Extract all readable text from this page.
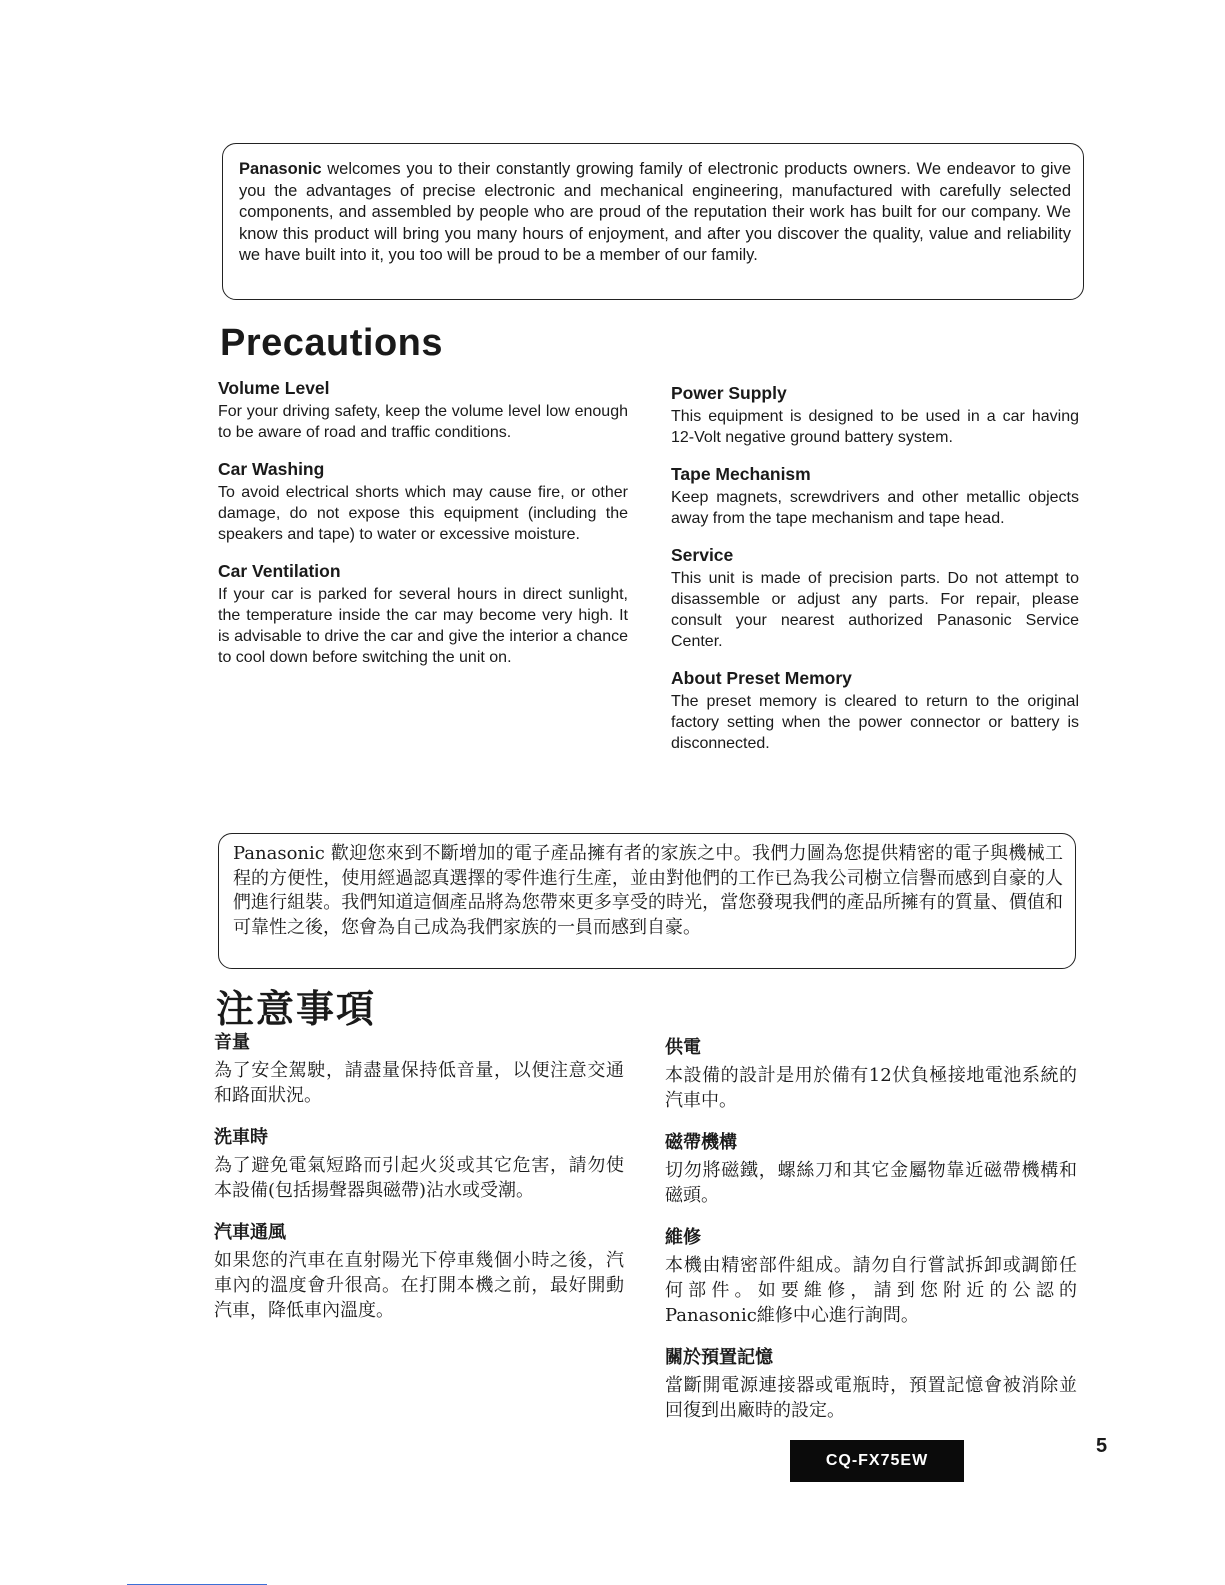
Panasonic welcomes you to their constantly growing family of electronic products owners. We endeavor to give you the advantages of precise electronic and mechanical engineering, manufactured with carefully selected components, and assembled by people who are proud of the reputation their work has built for our company. We know this product will bring you many hours of enjoyment, and after you discover the quality, value and reliability we have built into it, you too will be proud to be a member of our family.
Precautions
Volume Level

For your driving safety, keep the volume level low enough to be aware of road and traffic conditions.

Car Washing

To avoid electrical shorts which may cause fire, or other damage, do not expose this equipment (including the speakers and tape) to water or excessive moisture.

Car Ventilation

If your car is parked for several hours in direct sunlight, the temperature inside the car may become very high. It is advisable to drive the car and give the interior a chance to cool down before switching the unit on.

Power Supply

This equipment is designed to be used in a car having 12-Volt negative ground battery system.

Tape Mechanism

Keep magnets, screwdrivers and other metallic objects away from the tape mechanism and tape head.

Service

This unit is made of precision parts. Do not attempt to disassemble or adjust any parts. For repair, please consult your nearest authorized Panasonic Service Center.

About Preset Memory

The preset memory is cleared to return to the original factory setting when the power connector or battery is disconnected.

Panasonic 歡迎您來到不斷增加的電子產品擁有者的家族之中。我們力圖為您提供精密的電子與機械工程的方便性，使用經過認真選擇的零件進行生產，並由對他們的工作已為我公司樹立信譽而感到自豪的人們進行組裝。我們知道這個產品將為您帶來更多享受的時光，當您發現我們的產品所擁有的質量、價值和可靠性之後，您會為自己成為我們家族的一員而感到自豪。
注意事項
音量

為了安全駕駛，請盡量保持低音量，以便注意交通和路面狀況。

洗車時

為了避免電氣短路而引起火災或其它危害，請勿使本設備(包括揚聲器與磁帶)沾水或受潮。

汽車通風

如果您的汽車在直射陽光下停車幾個小時之後，汽車內的溫度會升很高。在打開本機之前，最好開動汽車，降低車內溫度。

供電

本設備的設計是用於備有12伏負極接地電池系統的汽車中。

磁帶機構

切勿將磁鐵，螺絲刀和其它金屬物靠近磁帶機構和磁頭。

維修

本機由精密部件組成。請勿自行嘗試拆卸或調節任何部件。如要維修，請到您附近的公認的Panasonic維修中心進行詢問。

關於預置記憶

當斷開電源連接器或電瓶時，預置記憶會被消除並回復到出廠時的設定。

CQ-FX75EW
5
